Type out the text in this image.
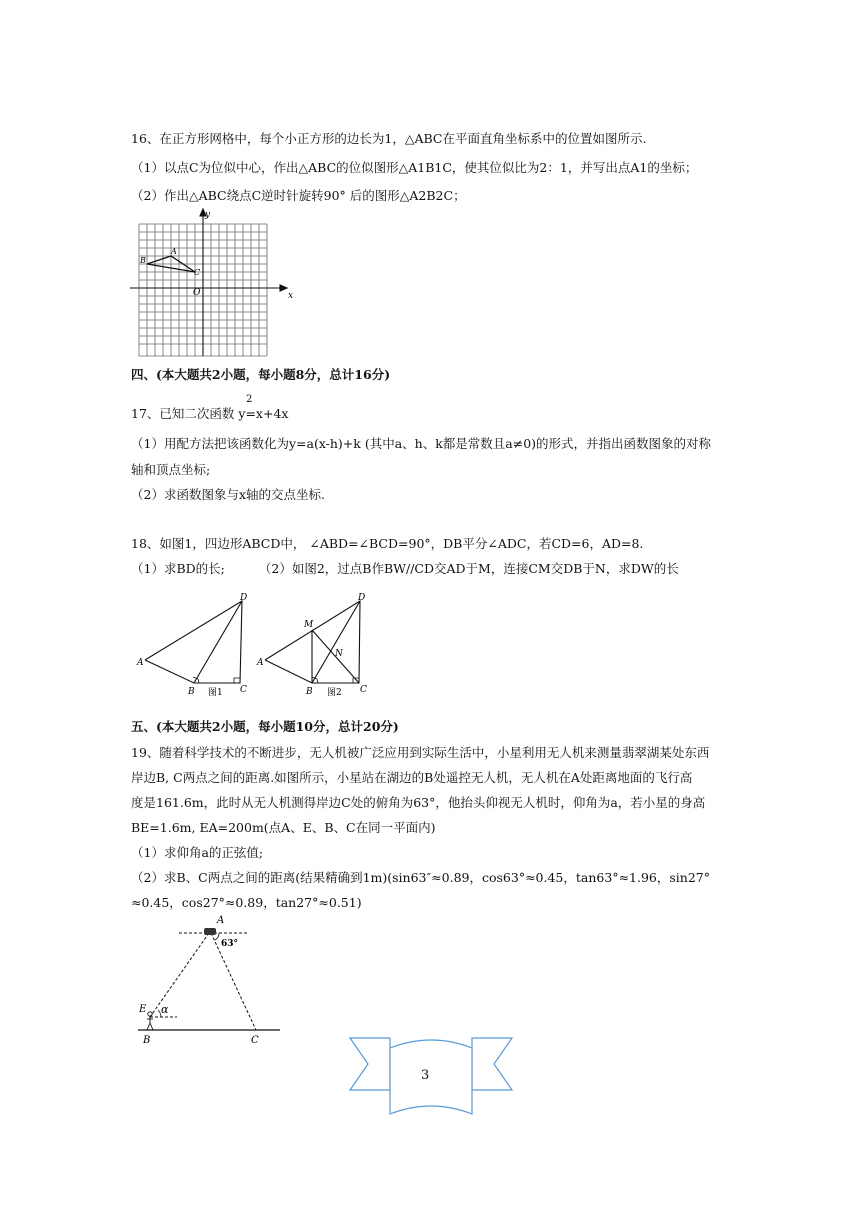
16、在正方形网格中，每个小正方形的边长为1，△ABC在平面直角坐标系中的位置如图所示.
（1）以点C为位似中心，作出△ABC的位似图形△A1B1C，使其位似比为2：1，并写出点A1的坐标；
（2）作出△ABC绕点C逆时针旋转90° 后的图形△A2B2C；
y
x
O
A
B
C
四、(本大题共2小题，每小题8分，总计16分)
17、已知二次函数 y=x+4x
2
（1）用配方法把该函数化为y=a(x-h)+k (其中a、h、k都是常数且a≠0)的形式，并指出函数图象的对称
轴和顶点坐标;
（2）求函数图象与x轴的交点坐标.
18、如图1，四边形ABCD中， ∠ABD=∠BCD=90°，DB平分∠ADC，若CD=6，AD=8.
（1）求BD的长;	（2）如图2，过点B作BW//CD交AD于M，连接CM交DB于N，求DW的长
A
B	C
D
图1
A
B	C
D
M
N
图2
五、(本大题共2小题，每小题10分，总计20分)
19、随着科学技术的不断进步，无人机被广泛应用到实际生活中，小星利用无人机来测量翡翠湖某处东西
岸边B, C两点之间的距离.如图所示，小星站在湖边的B处遥控无人机，无人机在A处距离地面的飞行高
度是161.6m，此时从无人机测得岸边C处的俯角为63°，他抬头仰视无人机时，仰角为a，若小星的身高
BE=1.6m, EA=200m(点A、E、B、C在同一平面内)
（1）求仰角a的正弦值;
（2）求B、C两点之间的距离(结果精确到1m)(sin63″≈0.89，cos63°≈0.45，tan63°≈1.96，sin27°
≈0.45，cos27°≈0.89，tan27°≈0.51)
A
63°
E α
B	C
3
